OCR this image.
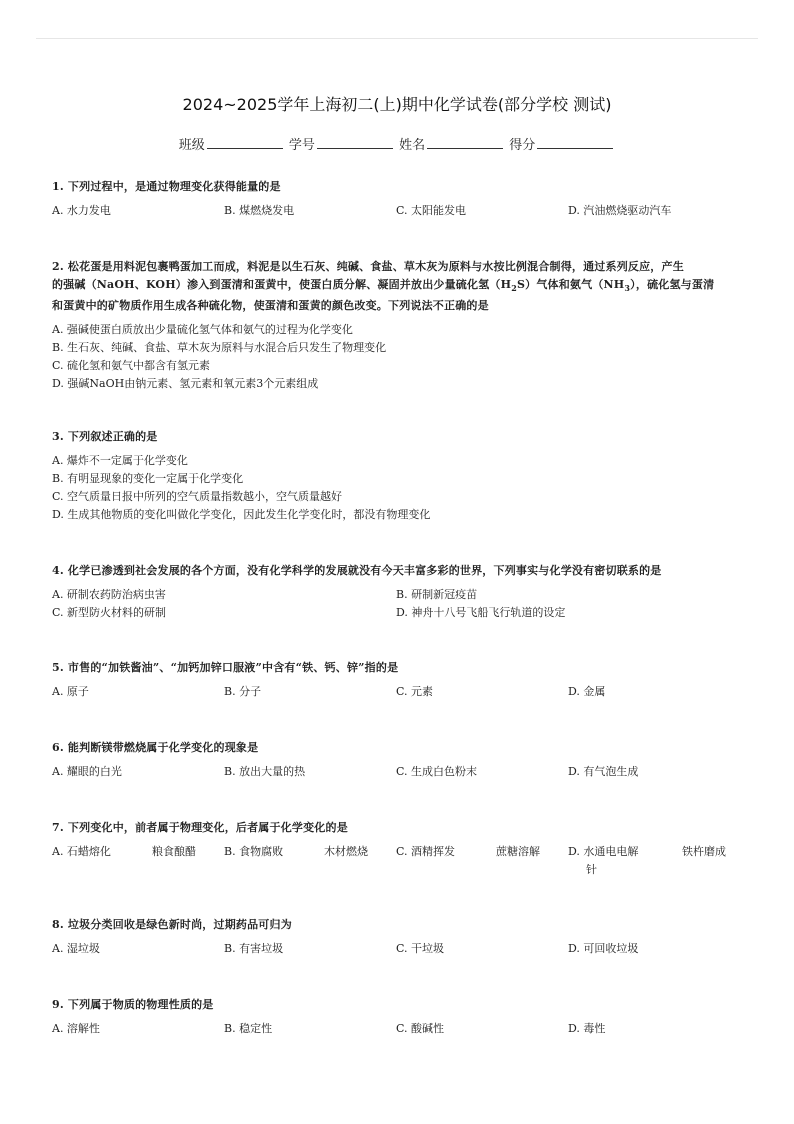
2024~2025学年上海初二(上)期中化学试卷(部分学校 测试)
班级	学号	姓名	得分
1. 下列过程中，是通过物理变化获得能量的是
A. 水力发电	B. 煤燃烧发电	C. 太阳能发电	D. 汽油燃烧驱动汽车
2. 松花蛋是用料泥包裹鸭蛋加工而成，料泥是以生石灰、纯碱、食盐、草木灰为原料与水按比例混合制得，通过系列反应，产生
的强碱（NaOH、KOH）渗入到蛋清和蛋黄中，使蛋白质分解、凝固并放出少量硫化氢$(H_2S)$气体和氨气$(NH_3)$，硫化氢与蛋清
和蛋黄中的矿物质作用生成各种硫化物，使蛋清和蛋黄的颜色改变。下列说法不正确的是
A. 强碱使蛋白质放出少量硫化氢气体和氨气的过程为化学变化
B. 生石灰、纯碱、食盐、草木灰为原料与水混合后只发生了物理变化
C. 硫化氢和氨气中都含有氢元素
D. 强碱NaOH由钠元素、氢元素和氧元素3个元素组成
3. 下列叙述正确的是
A. 爆炸不一定属于化学变化
B. 有明显现象的变化一定属于化学变化
C. 空气质量日报中所列的空气质量指数越小，空气质量越好
D. 生成其他物质的变化叫做化学变化，因此发生化学变化时，都没有物理变化
4. 化学已渗透到社会发展的各个方面，没有化学科学的发展就没有今天丰富多彩的世界，下列事实与化学没有密切联系的是
A. 研制农药防治病虫害	B. 研制新冠疫苗
C. 新型防火材料的研制	D. 神舟十八号飞船飞行轨道的设定
5. 市售的“加铁酱油”、“加钙加锌口服液”中含有“铁、钙、锌”指的是
A. 原子	B. 分子	C. 元素	D. 金属
6. 能判断镁带燃烧属于化学变化的现象是
A. 耀眼的白光	B. 放出大量的热	C. 生成白色粉末	D. 有气泡生成
7. 下列变化中，前者属于物理变化，后者属于化学变化的是
A. 石蜡熔化	粮食酿醋	B. 食物腐败	木材燃烧	C. 酒精挥发	蔗糖溶解	D. 水通电电解	铁杵磨成
针
8. 垃圾分类回收是绿色新时尚，过期药品可归为
A. 湿垃圾	B. 有害垃圾	C. 干垃圾	D. 可回收垃圾
9. 下列属于物质的物理性质的是
A. 溶解性	B. 稳定性	C. 酸碱性	D. 毒性
